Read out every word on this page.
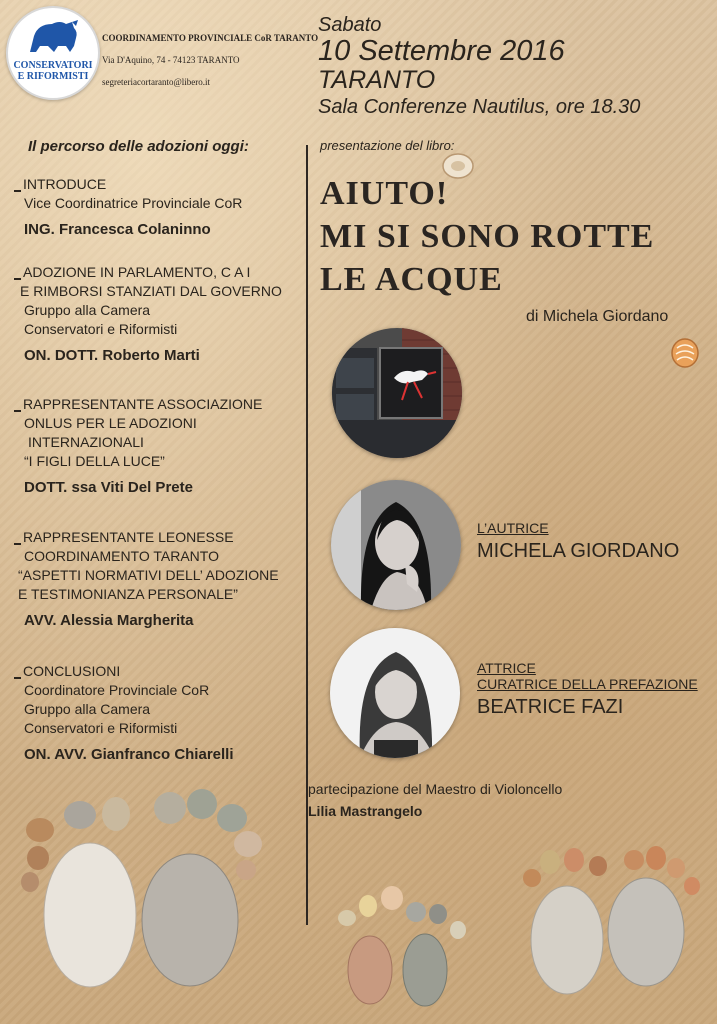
CONSERVATORI
E RIFORMISTI
COORDINAMENTO PROVINCIALE CoR TARANTO
Via D'Aquino, 74 - 74123 TARANTO
segreteriacortaranto@libero.it
Sabato
10 Settembre 2016
TARANTO
Sala Conferenze Nautilus, ore 18.30
Il percorso delle adozioni oggi:
INTRODUCE
Vice Coordinatrice Provinciale CoR
ING. Francesca Colaninno
ADOZIONE IN PARLAMENTO, C A I
E RIMBORSI STANZIATI DAL GOVERNO
Gruppo alla Camera
Conservatori e Riformisti
ON. DOTT. Roberto Marti
RAPPRESENTANTE ASSOCIAZIONE
ONLUS PER LE ADOZIONI
INTERNAZIONALI
“I FIGLI DELLA LUCE”
DOTT. ssa Viti Del Prete
RAPPRESENTANTE LEONESSE
COORDINAMENTO TARANTO
“ASPETTI NORMATIVI DELL’ ADOZIONE
E TESTIMONIANZA PERSONALE”
AVV. Alessia Margherita
CONCLUSIONI
Coordinatore Provinciale CoR
Gruppo alla Camera
Conservatori e Riformisti
ON. AVV. Gianfranco Chiarelli
presentazione del libro:
AIUTO!
MI SI SONO ROTTE
LE ACQUE
di Michela Giordano
L’AUTRICE
MICHELA GIORDANO
ATTRICE
CURATRICE DELLA PREFAZIONE
BEATRICE FAZI
partecipazione del Maestro di Violoncello
Lilia Mastrangelo
